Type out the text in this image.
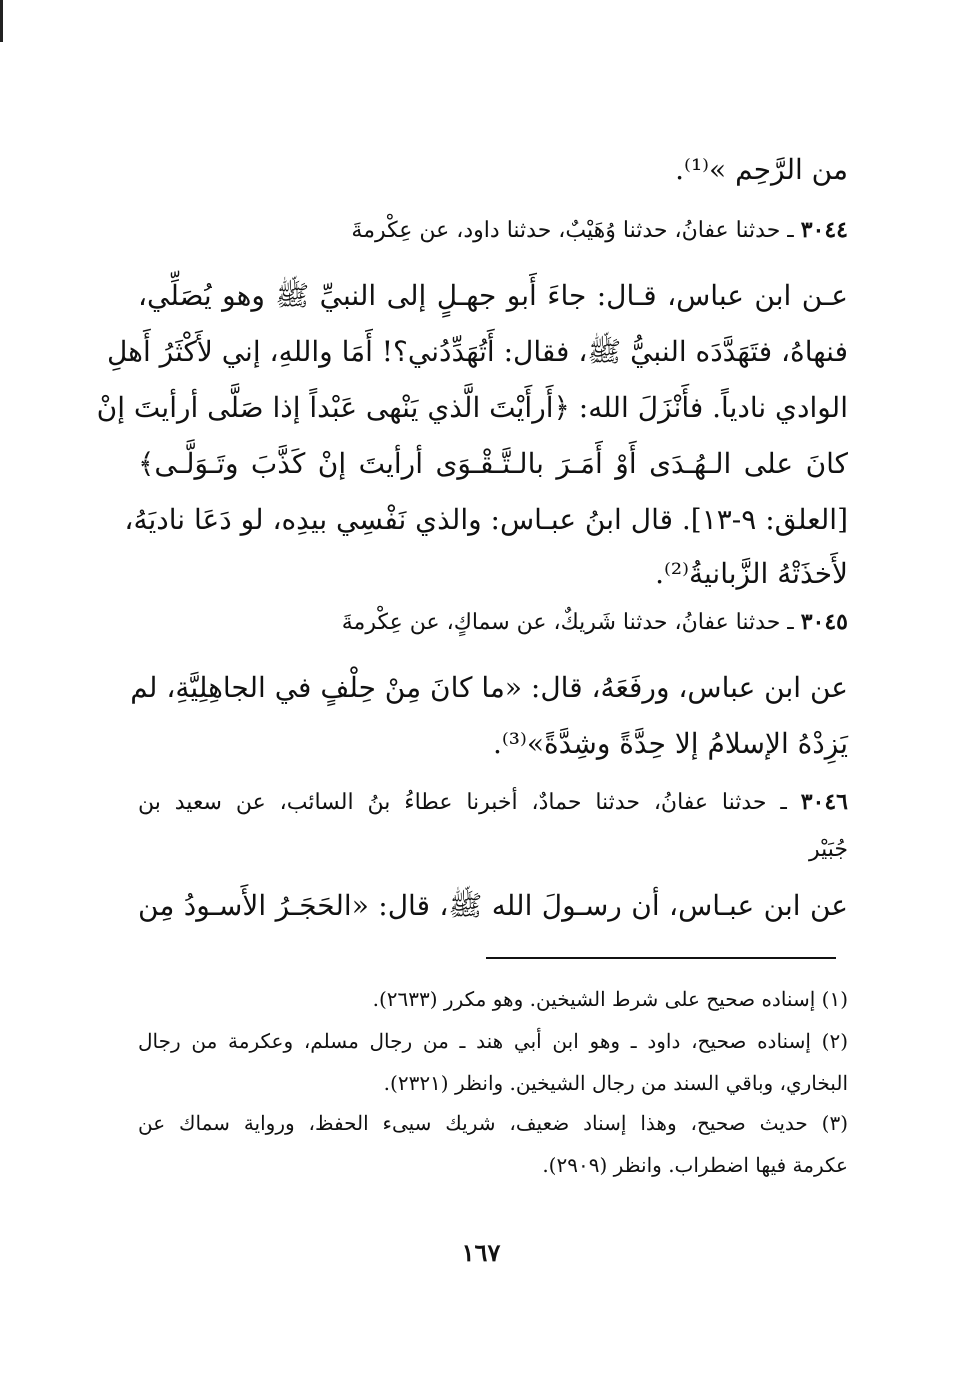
من الرَّحِم »⁽¹⁾.
٣٠٤٤ ـ حدثنا عفانُ، حدثنا وُهَيْبٌ، حدثنا داود، عن عِكْرمةَ
عـن ابن عباس، قـال: جاءَ أَبو جهـلٍ إلى النبيِّ ﷺ وهو يُصَلِّي،
فنهاهُ، فتَهَدَّدَه النبيُّ ﷺ، فقال: أَتُهَدِّدُني؟! أَمَا واللهِ، إني لأَكْثَرُ أَهلِ
الوادي نادياً. فأَنْزَلَ الله: ﴿أَرأَيْتَ الَّذي يَنْهى عَبْداً إذا صَلَّى أرأيتَ إنْ
كانَ على الـهُـدَى أَوْ أَمَـرَ بالـتَّـقْـوَى أرأيتَ إنْ كَذَّبَ وتَـوَلَّـى﴾
[العلق: ٩-١٣]. قال ابنُ عبـاس: والذي نَفْسِي بيدِه، لو دَعَا ناديَهُ،
لأَخذَتْهُ الزَّبانيةُ⁽²⁾.
٣٠٤٥ ـ حدثنا عفانُ، حدثنا شَريكٌ، عن سماكٍ، عن عِكْرمةَ
عن ابن عباس، ورفَعَهُ، قال: «ما كانَ مِنْ حِلْفٍ في الجاهِلِيَّةِ، لم
يَزِدْهُ الإسلامُ إلا حِدَّةً وشِدَّةً»⁽³⁾.
٣٠٤٦ ـ حدثنا عفانُ، حدثنا حمادٌ، أخبرنا عطاءُ بنُ السائب، عن سعيد بن
جُبَيْر
عن ابن عبـاس، أن رسـولَ الله ﷺ، قال: «الحَجَـرُ الأَسـودُ مِن
(١) إسناده صحيح على شرط الشيخين. وهو مكرر (٢٦٣٣).
(٢) إسناده صحيح، داود ـ وهو ابن أبي هند ـ من رجال مسلم، وعكرمة من رجال
البخاري، وباقي السند من رجال الشيخين. وانظر (٢٣٢١).
(٣) حديث صحيح، وهذا إسناد ضعيف، شريك سيىء الحفظ، ورواية سماك عن
عكرمة فيها اضطراب. وانظر (٢٩٠٩).
١٦٧
